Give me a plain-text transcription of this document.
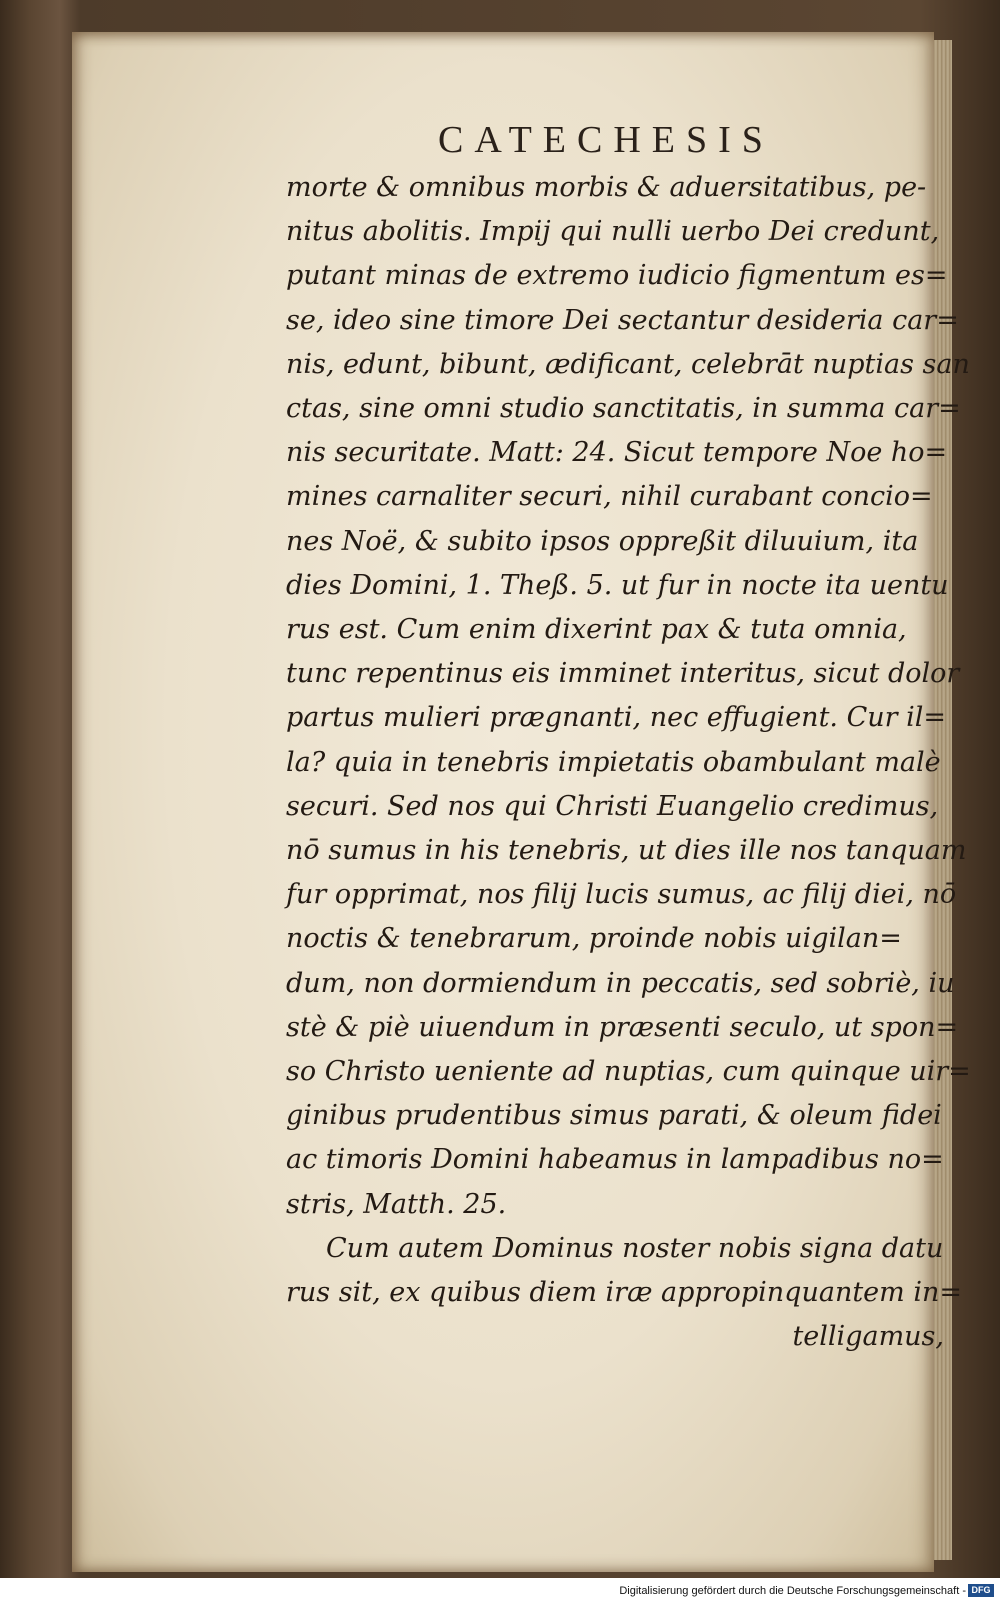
CATECHESIS
morte & omnibus morbis & aduersitatibus, pe-
nitus abolitis. Impij qui nulli uerbo Dei credunt,
putant minas de extremo iudicio figmentum es=
se, ideo sine timore Dei sectantur desideria car=
nis, edunt, bibunt, ædificant, celebrāt nuptias san
ctas, sine omni studio sanctitatis, in summa car=
nis securitate. Matt: 24. Sicut tempore Noe ho=
mines carnaliter securi, nihil curabant concio=
nes Noë, & subito ipsos oppreßit diluuium, ita
dies Domini, 1. Theß. 5. ut fur in nocte ita uentu
rus est. Cum enim dixerint pax & tuta omnia,
tunc repentinus eis imminet interitus, sicut dolor
partus mulieri prægnanti, nec effugient. Cur il=
la? quia in tenebris impietatis obambulant malè
securi. Sed nos qui Christi Euangelio credimus,
nō sumus in his tenebris, ut dies ille nos tanquam
fur opprimat, nos filij lucis sumus, ac filij diei, nō
noctis & tenebrarum, proinde nobis uigilan=
dum, non dormiendum in peccatis, sed sobriè, iu
stè & piè uiuendum in præsenti seculo, ut spon=
so Christo ueniente ad nuptias, cum quinque uir=
ginibus prudentibus simus parati, & oleum fidei
ac timoris Domini habeamus in lampadibus no=
stris, Matth. 25.
Cum autem Dominus noster nobis signa datu
rus sit, ex quibus diem iræ appropinquantem in=
telligamus,
Digitalisierung gefördert durch die Deutsche Forschungsgemeinschaft - DFG
